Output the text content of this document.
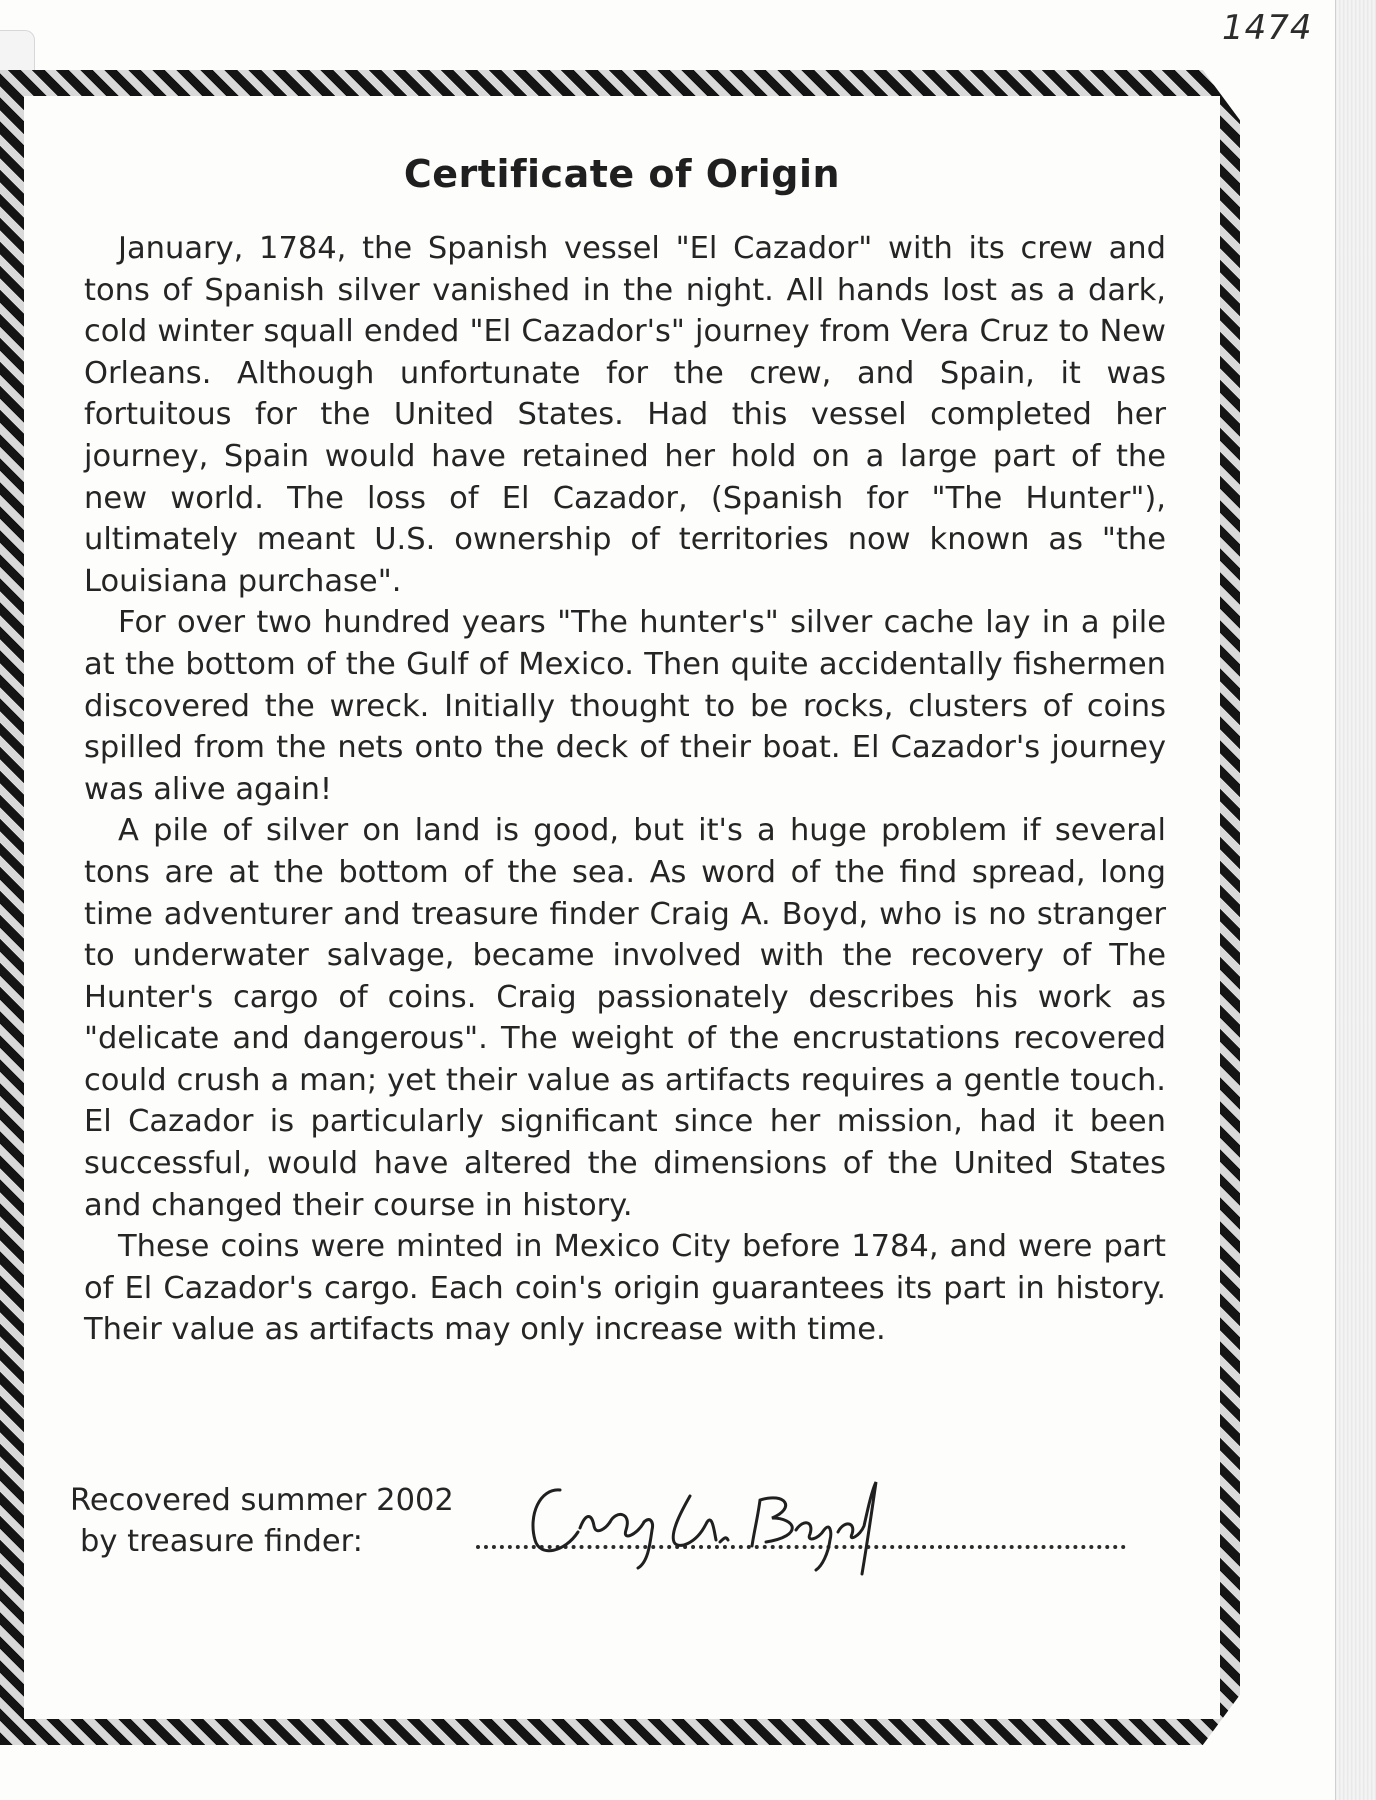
1474
Certificate of Origin

January, 1784, the Spanish vessel "El Cazador" with its crew and tons of Spanish silver vanished in the night. All hands lost as a dark, cold winter squall ended "El Cazador's" journey from Vera Cruz to New Orleans. Although unfortunate for the crew, and Spain, it was fortuitous for the United States. Had this vessel completed her journey, Spain would have retained her hold on a large part of the new world. The loss of El Cazador, (Spanish for "The Hunter"), ultimately meant U.S. ownership of territories now known as "the Louisiana purchase".

For over two hundred years "The hunter's" silver cache lay in a pile at the bottom of the Gulf of Mexico. Then quite accidentally fishermen discovered the wreck. Initially thought to be rocks, clusters of coins spilled from the nets onto the deck of their boat. El Cazador's journey was alive again!

A pile of silver on land is good, but it's a huge problem if several tons are at the bottom of the sea. As word of the find spread, long time adventurer and treasure finder Craig A. Boyd, who is no stranger to underwater salvage, became involved with the recovery of The Hunter's cargo of coins. Craig passionately describes his work as "delicate and dangerous". The weight of the encrustations recovered could crush a man; yet their value as artifacts requires a gentle touch. El Cazador is particularly significant since her mission, had it been successful, would have altered the dimensions of the United States and changed their course in history.

These coins were minted in Mexico City before 1784, and were part of El Cazador's cargo. Each coin's origin guarantees its part in history. Their value as artifacts may only increase with time.

Recovered summer 2002
by treasure finder:
